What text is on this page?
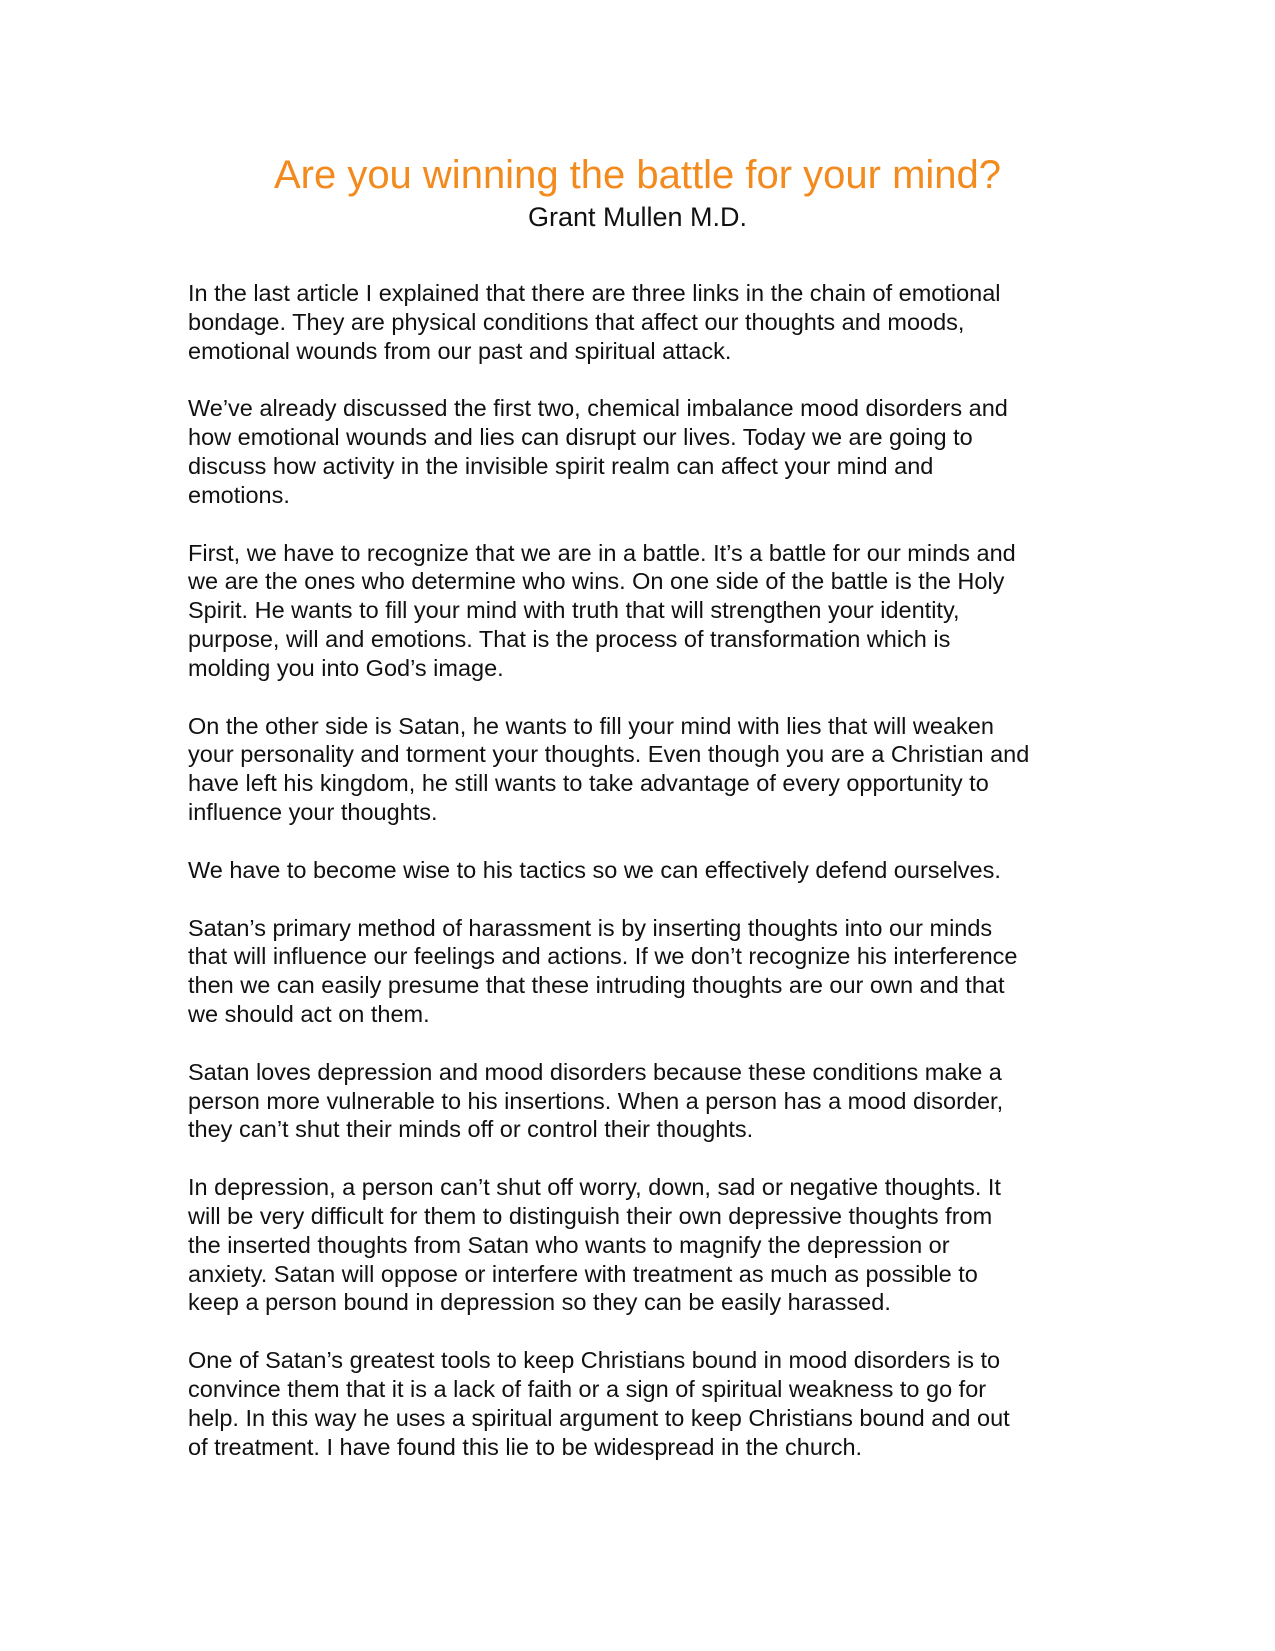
Are you winning the battle for your mind?
Grant Mullen M.D.

In the last article I explained that there are three links in the chain of emotional
bondage. They are physical conditions that affect our thoughts and moods,
emotional wounds from our past and spiritual attack.

We’ve already discussed the first two, chemical imbalance mood disorders and
how emotional wounds and lies can disrupt our lives. Today we are going to
discuss how activity in the invisible spirit realm can affect your mind and
emotions.

First, we have to recognize that we are in a battle. It’s a battle for our minds and
we are the ones who determine who wins. On one side of the battle is the Holy
Spirit. He wants to fill your mind with truth that will strengthen your identity,
purpose, will and emotions. That is the process of transformation which is
molding you into God’s image.

On the other side is Satan, he wants to fill your mind with lies that will weaken
your personality and torment your thoughts. Even though you are a Christian and
have left his kingdom, he still wants to take advantage of every opportunity to
influence your thoughts.

We have to become wise to his tactics so we can effectively defend ourselves.

Satan’s primary method of harassment is by inserting thoughts into our minds
that will influence our feelings and actions. If we don’t recognize his interference
then we can easily presume that these intruding thoughts are our own and that
we should act on them.

Satan loves depression and mood disorders because these conditions make a
person more vulnerable to his insertions. When a person has a mood disorder,
they can’t shut their minds off or control their thoughts.

In depression, a person can’t shut off worry, down, sad or negative thoughts. It
will be very difficult for them to distinguish their own depressive thoughts from
the inserted thoughts from Satan who wants to magnify the depression or
anxiety. Satan will oppose or interfere with treatment as much as possible to
keep a person bound in depression so they can be easily harassed.

One of Satan’s greatest tools to keep Christians bound in mood disorders is to
convince them that it is a lack of faith or a sign of spiritual weakness to go for
help. In this way he uses a spiritual argument to keep Christians bound and out
of treatment. I have found this lie to be widespread in the church.
